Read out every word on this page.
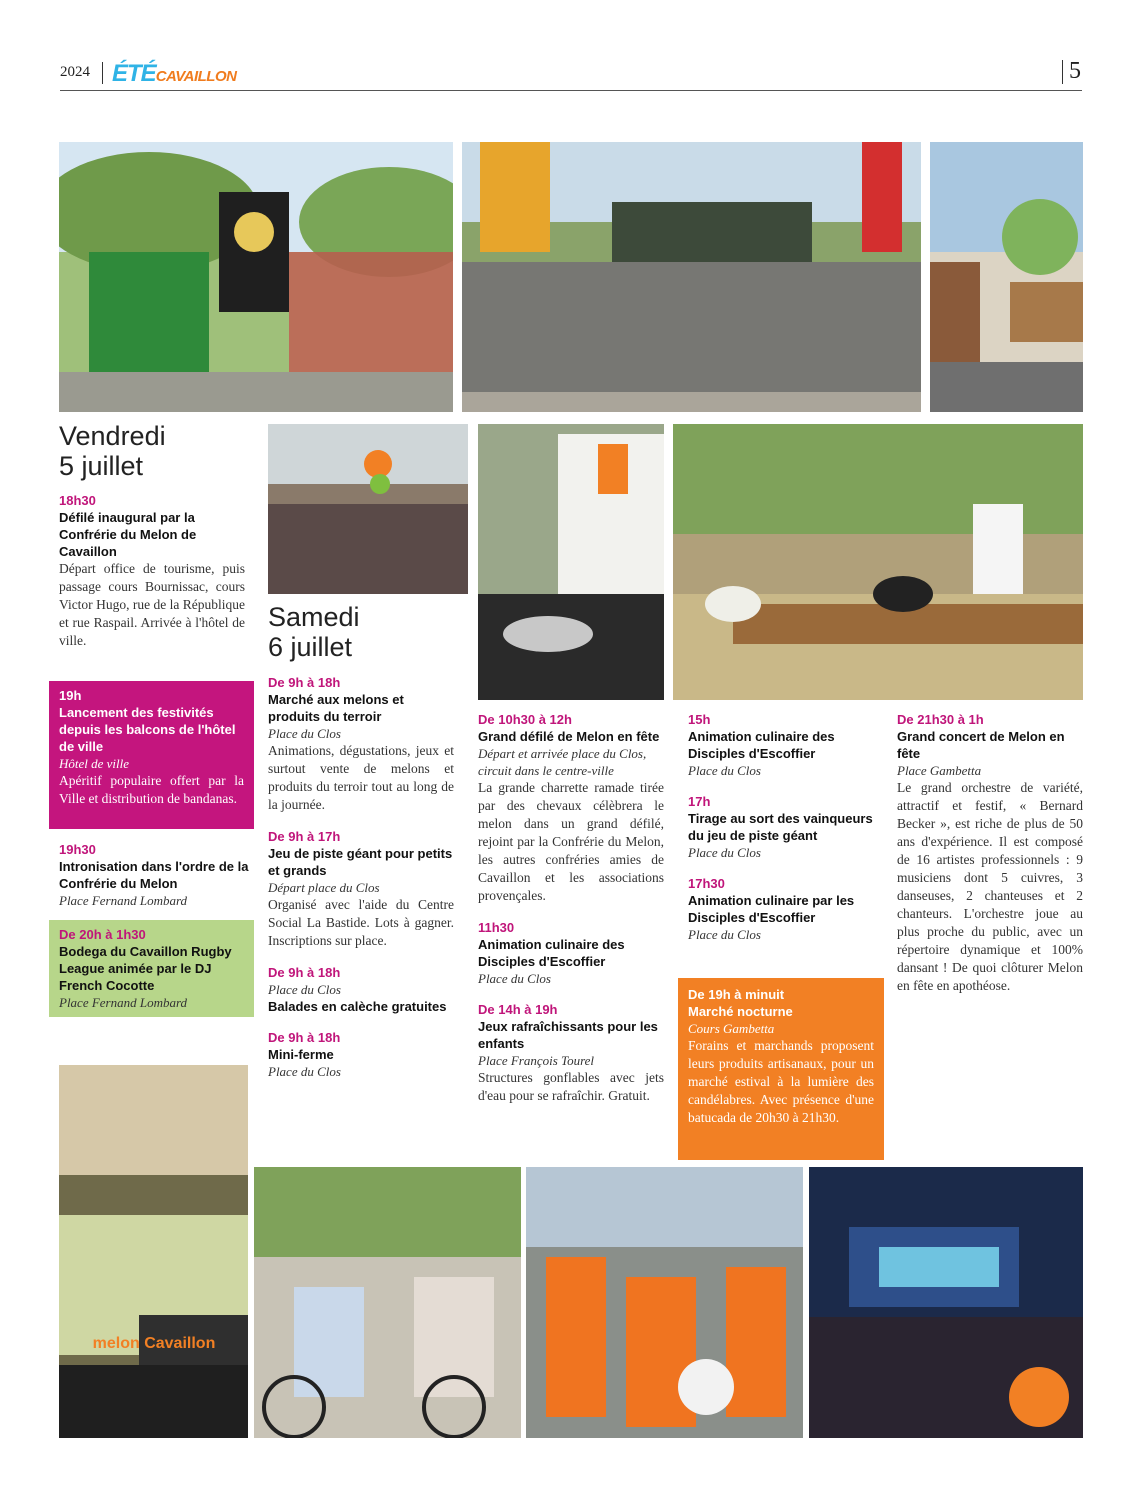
2024 ÉTÉCAVAILLON	5
melon Cavaillon
Vendredi
5 juillet
18h30
Défilé inaugural par la Confrérie du Melon de Cavaillon
Départ office de tourisme, puis passage cours Bournissac, cours Victor Hugo, rue de la République et rue Raspail. Arrivée à l'hôtel de ville.
19h
Lancement des festivités depuis les balcons de l'hôtel de ville
Hôtel de ville
Apéritif populaire offert par la Ville et distribution de bandanas.
19h30
Intronisation dans l'ordre de la Confrérie du Melon
Place Fernand Lombard
De 20h à 1h30
Bodega du Cavaillon Rugby League animée par le DJ French Cocotte
Place Fernand Lombard
Samedi
6 juillet
De 9h à 18h
Marché aux melons et produits du terroir
Place du Clos
Animations, dégustations, jeux et surtout vente de melons et produits du terroir tout au long de la journée.
De 9h à 17h
Jeu de piste géant pour petits et grands
Départ place du Clos
Organisé avec l'aide du Centre Social La Bastide. Lots à gagner. Inscriptions sur place.
De 9h à 18h
Place du Clos
Balades en calèche gratuites
De 9h à 18h
Mini-ferme
Place du Clos
De 10h30 à 12h
Grand défilé de Melon en fête
Départ et arrivée place du Clos, circuit dans le centre-ville
La grande charrette ramade tirée par des chevaux célèbrera le melon dans un grand défilé, rejoint par la Confrérie du Melon, les autres confréries amies de Cavaillon et les associations provençales.
11h30
Animation culinaire des Disciples d'Escoffier
Place du Clos
De 14h à 19h
Jeux rafraîchissants pour les enfants
Place François Tourel
Structures gonflables avec jets d'eau pour se rafraîchir. Gratuit.
15h
Animation culinaire des Disciples d'Escoffier
Place du Clos
17h
Tirage au sort des vainqueurs du jeu de piste géant
Place du Clos
17h30
Animation culinaire par les Disciples d'Escoffier
Place du Clos
De 19h à minuit
Marché nocturne
Cours Gambetta
Forains et marchands proposent leurs produits artisanaux, pour un marché estival à la lumière des candélabres. Avec présence d'une batucada de 20h30 à 21h30.
De 21h30 à 1h
Grand concert de Melon en fête
Place Gambetta
Le grand orchestre de variété, attractif et festif, « Bernard Becker », est riche de plus de 50 ans d'expérience. Il est composé de 16 artistes professionnels : 9 musiciens dont 5 cuivres, 3 danseuses, 2 chanteuses et 2 chanteurs. L'orchestre joue au plus proche du public, avec un répertoire dynamique et 100% dansant ! De quoi clôturer Melon en fête en apothéose.
